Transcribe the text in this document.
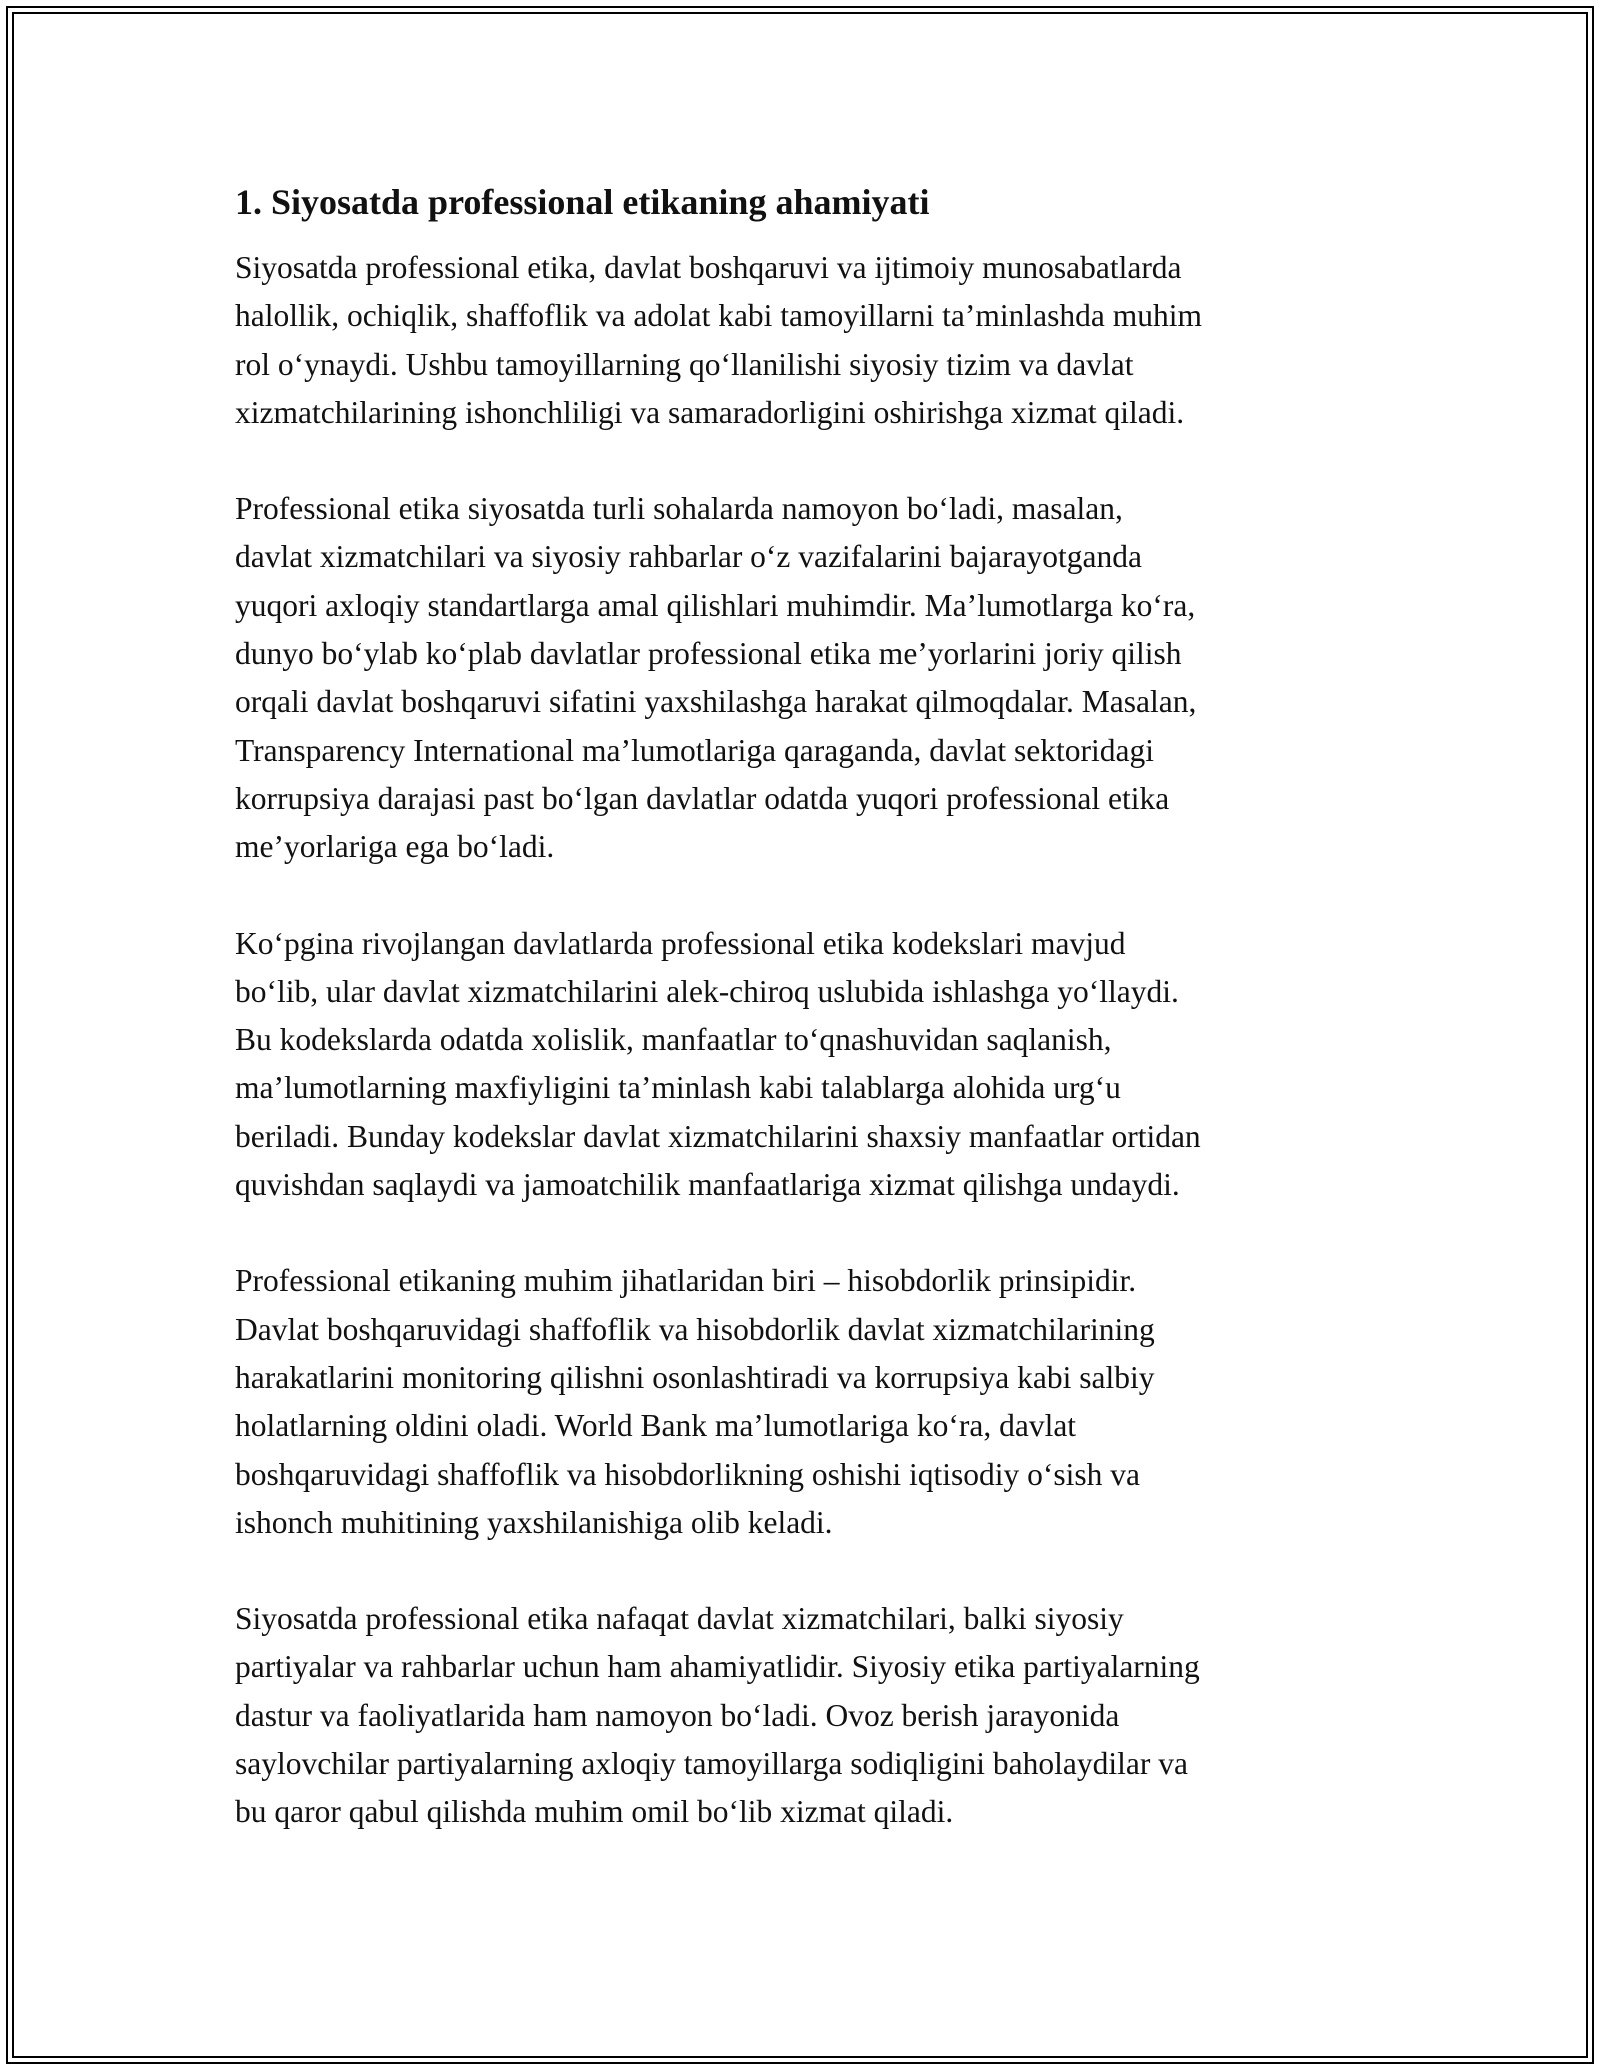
1. Siyosatda professional etikaning ahamiyati

Siyosatda professional etika, davlat boshqaruvi va ijtimoiy munosabatlarda
halollik, ochiqlik, shaffoflik va adolat kabi tamoyillarni ta’minlashda muhim
rol o‘ynaydi. Ushbu tamoyillarning qo‘llanilishi siyosiy tizim va davlat
xizmatchilarining ishonchliligi va samaradorligini oshirishga xizmat qiladi.

Professional etika siyosatda turli sohalarda namoyon bo‘ladi, masalan,
davlat xizmatchilari va siyosiy rahbarlar o‘z vazifalarini bajarayotganda
yuqori axloqiy standartlarga amal qilishlari muhimdir. Ma’lumotlarga ko‘ra,
dunyo bo‘ylab ko‘plab davlatlar professional etika me’yorlarini joriy qilish
orqali davlat boshqaruvi sifatini yaxshilashga harakat qilmoqdalar. Masalan,
Transparency International ma’lumotlariga qaraganda, davlat sektoridagi
korrupsiya darajasi past bo‘lgan davlatlar odatda yuqori professional etika
me’yorlariga ega bo‘ladi.

Ko‘pgina rivojlangan davlatlarda professional etika kodekslari mavjud
bo‘lib, ular davlat xizmatchilarini alek-chiroq uslubida ishlashga yo‘llaydi.
Bu kodekslarda odatda xolislik, manfaatlar to‘qnashuvidan saqlanish,
ma’lumotlarning maxfiyligini ta’minlash kabi talablarga alohida urg‘u
beriladi. Bunday kodekslar davlat xizmatchilarini shaxsiy manfaatlar ortidan
quvishdan saqlaydi va jamoatchilik manfaatlariga xizmat qilishga undaydi.

Professional etikaning muhim jihatlaridan biri – hisobdorlik prinsipidir.
Davlat boshqaruvidagi shaffoflik va hisobdorlik davlat xizmatchilarining
harakatlarini monitoring qilishni osonlashtiradi va korrupsiya kabi salbiy
holatlarning oldini oladi. World Bank ma’lumotlariga ko‘ra, davlat
boshqaruvidagi shaffoflik va hisobdorlikning oshishi iqtisodiy o‘sish va
ishonch muhitining yaxshilanishiga olib keladi.

Siyosatda professional etika nafaqat davlat xizmatchilari, balki siyosiy
partiyalar va rahbarlar uchun ham ahamiyatlidir. Siyosiy etika partiyalarning
dastur va faoliyatlarida ham namoyon bo‘ladi. Ovoz berish jarayonida
saylovchilar partiyalarning axloqiy tamoyillarga sodiqligini baholaydilar va
bu qaror qabul qilishda muhim omil bo‘lib xizmat qiladi.
